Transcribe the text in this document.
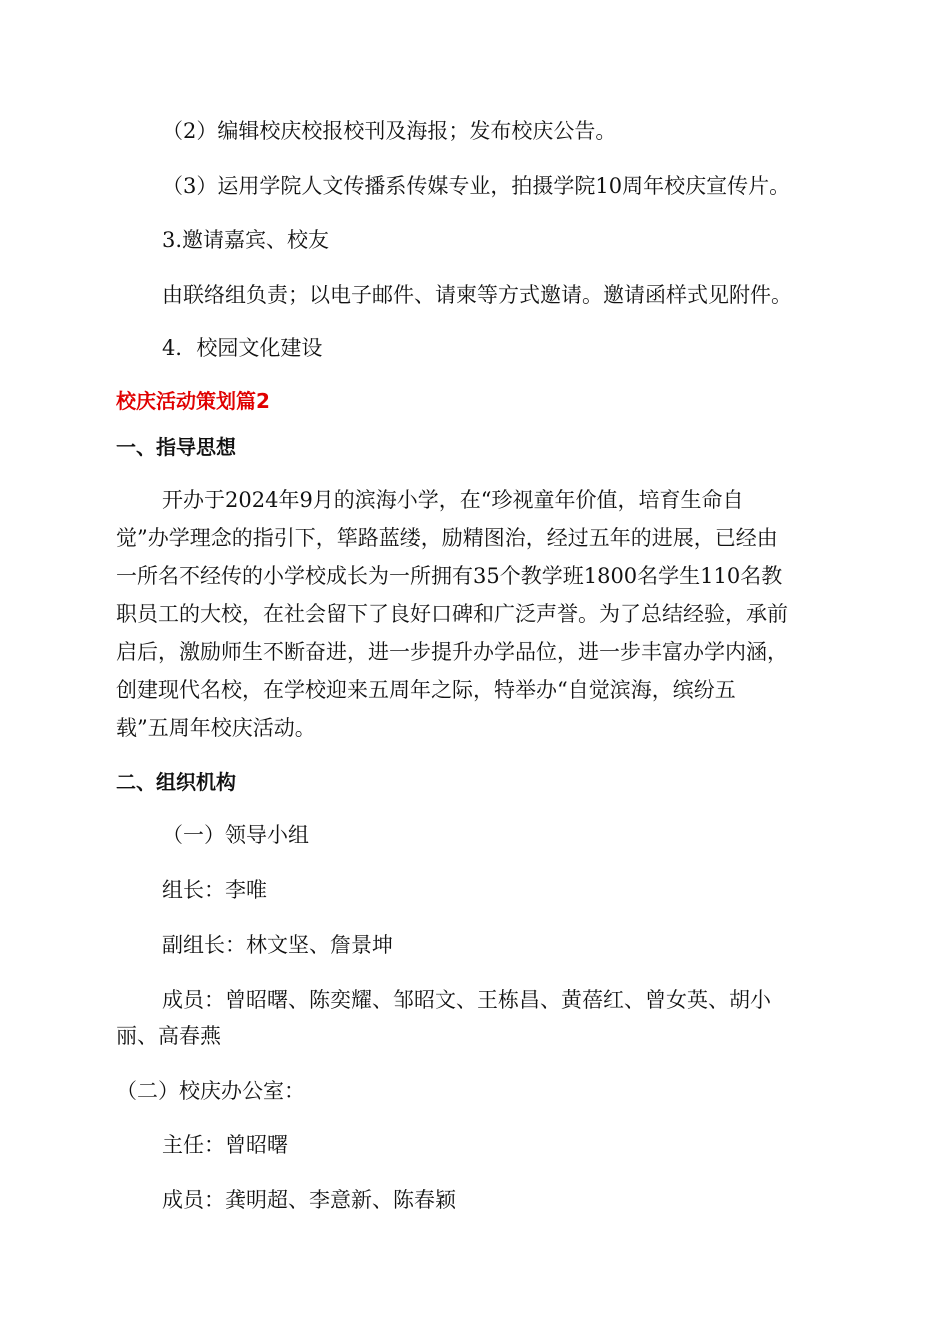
（2）编辑校庆校报校刊及海报；发布校庆公告。

（3）运用学院人文传播系传媒专业，拍摄学院10周年校庆宣传片。

3.邀请嘉宾、校友

由联络组负责；以电子邮件、请柬等方式邀请。邀请函样式见附件。

4．校园文化建设

校庆活动策划篇2

一、指导思想

开办于2024年9月的滨海小学，在“珍视童年价值，培育生命自

觉”办学理念的指引下，筚路蓝缕，励精图治，经过五年的进展，已经由

一所名不经传的小学校成长为一所拥有35个教学班1800名学生110名教

职员工的大校，在社会留下了良好口碑和广泛声誉。为了总结经验，承前

启后，激励师生不断奋进，进一步提升办学品位，进一步丰富办学内涵，

创建现代名校，在学校迎来五周年之际，特举办“自觉滨海，缤纷五

载”五周年校庆活动。

二、组织机构

（一）领导小组

组长：李唯

副组长：林文坚、詹景坤

成员：曾昭曙、陈奕耀、邹昭文、王栋昌、黄蓓红、曾女英、胡小

丽、高春燕

（二）校庆办公室：

主任：曾昭曙

成员：龚明超、李意新、陈春颖
